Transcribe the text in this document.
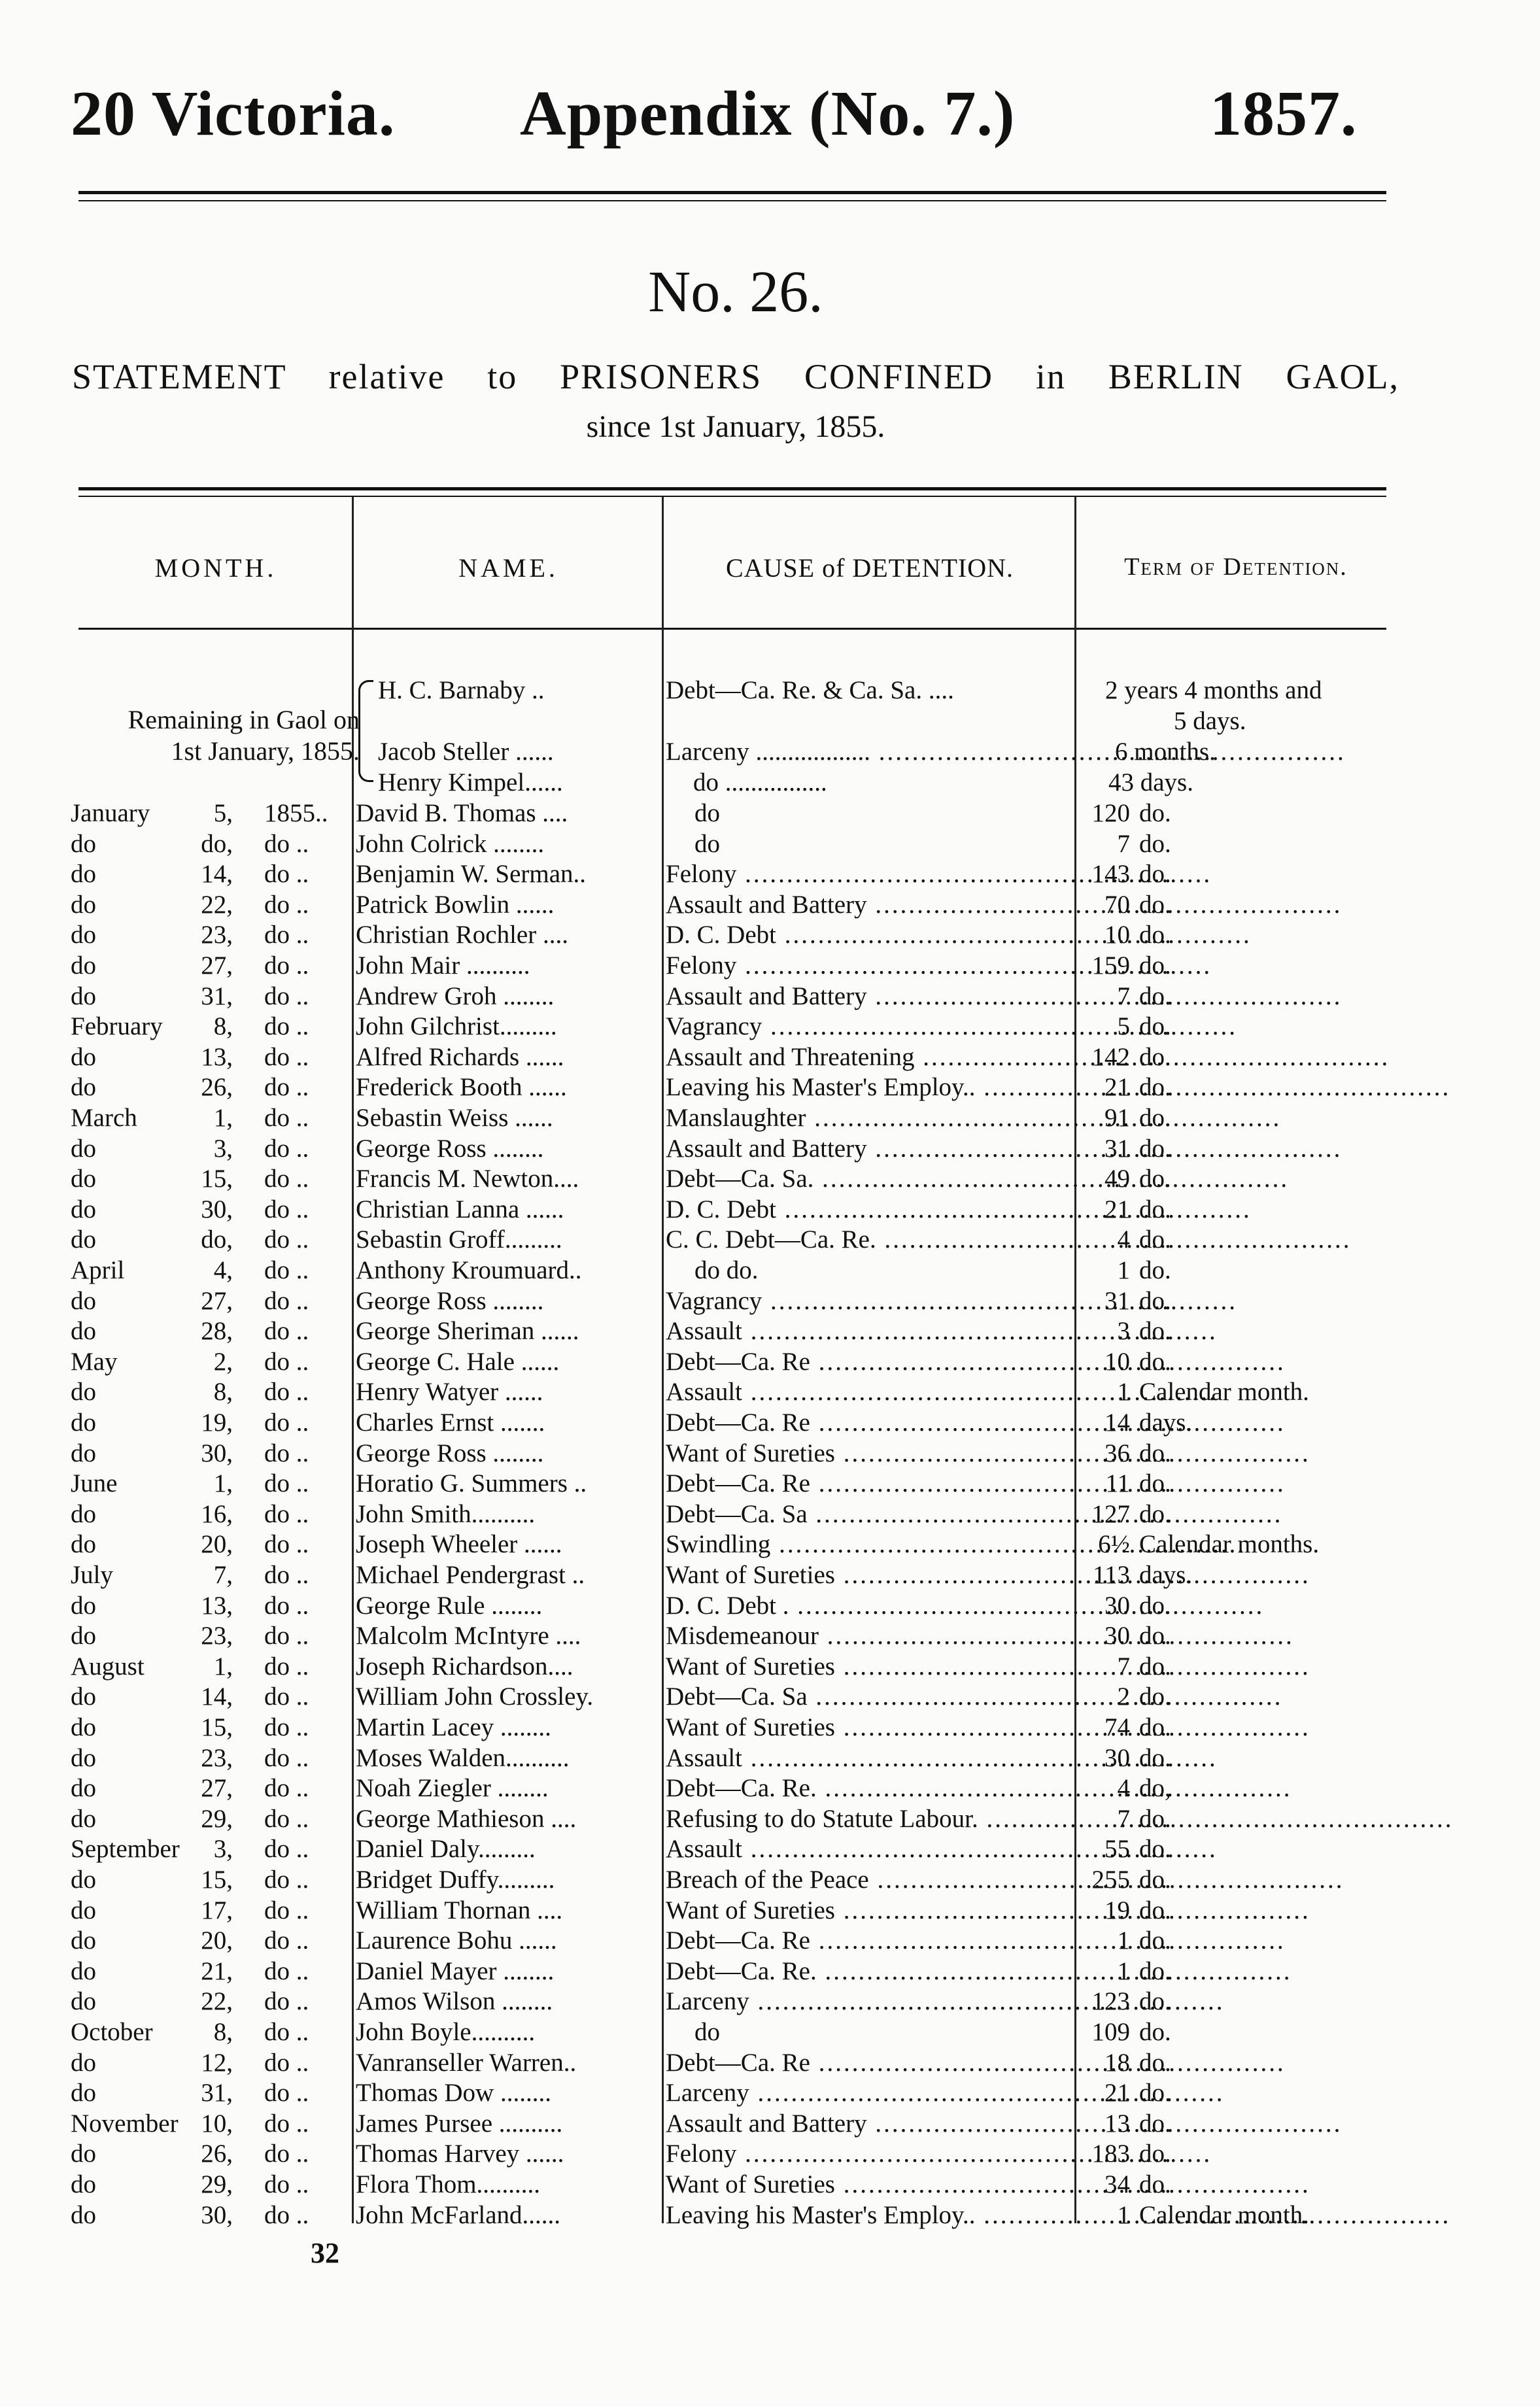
20 Victoria. Appendix (No. 7.)	1857.
No. 26.
STATEMENT relative to PRISONERS CONFINED in BERLIN GAOL,
since 1st January, 1855.
MONTH.	NAME.	CAUSE of DETENTION.	Term of Detention.
Remaining in Gaol on
1st January, 1855.
H. C. Barnaby ..	Debt—Ca. Re. & Ca. Sa. ....	2 years 4 months and
5 days.
Jacob Steller ......	Larceny .................. .....	6 months.
Henry Kimpel......	do ................	43 days.
January	5,	1855..	David B. Thomas ....	do	120 do.
do	do,	do ..	John Colrick ........	do	7 do.
do	14,	do ..	Benjamin W. Serman..	Felony .....	143 do.
do	22,	do ..	Patrick Bowlin ......	Assault and Battery .....	70 do.
do	23,	do ..	Christian Rochler ....	D. C. Debt .....	10 do.
do	27,	do ..	John Mair ..........	Felony .....	159 do.
do	31,	do ..	Andrew Groh ........	Assault and Battery .....	7 do.
February	8,	do ..	John Gilchrist.........	Vagrancy .....	5 do.
do	13,	do ..	Alfred Richards ......	Assault and Threatening .....	142 do.
do	26,	do ..	Frederick Booth ......	Leaving his Master's Employ.. .....	21 do.
March	1,	do ..	Sebastin Weiss ......	Manslaughter .....	91 do.
do	3,	do ..	George Ross ........	Assault and Battery .....	31 do.
do	15,	do ..	Francis M. Newton....	Debt—Ca. Sa. .....	49 do.
do	30,	do ..	Christian Lanna ......	D. C. Debt .....	21 do.
do	do,	do ..	Sebastin Groff.........	C. C. Debt—Ca. Re. .....	4 do.
April	4,	do ..	Anthony Kroumuard..	do do.	1 do.
do	27,	do ..	George Ross ........	Vagrancy .....	31 do.
do	28,	do ..	George Sheriman ......	Assault .....	3 do.
May	2,	do ..	George C. Hale ......	Debt—Ca. Re .....	10 do.
do	8,	do ..	Henry Watyer ......	Assault .....	1 Calendar month.
do	19,	do ..	Charles Ernst .......	Debt—Ca. Re .....	14 days.
do	30,	do ..	George Ross ........	Want of Sureties .....	36 do.
June	1,	do ..	Horatio G. Summers ..	Debt—Ca. Re .....	11 do.
do	16,	do ..	John Smith..........	Debt—Ca. Sa .....	127 do.
do	20,	do ..	Joseph Wheeler ......	Swindling .....	6½ Calendar months.
July	7,	do ..	Michael Pendergrast ..	Want of Sureties .....	113 days.
do	13,	do ..	George Rule ........	D. C. Debt . .....	30 do.
do	23,	do ..	Malcolm McIntyre ....	Misdemeanour .....	30 do.
August	1,	do ..	Joseph Richardson....	Want of Sureties .....	7 do.
do	14,	do ..	William John Crossley.	Debt—Ca. Sa .....	2 do.
do	15,	do ..	Martin Lacey ........	Want of Sureties .....	74 do.
do	23,	do ..	Moses Walden..........	Assault .....	30 do.
do	27,	do ..	Noah Ziegler ........	Debt—Ca. Re. .....	4 do,
do	29,	do ..	George Mathieson ....	Refusing to do Statute Labour. .....	7 do.
September	3,	do ..	Daniel Daly.........	Assault .....	55 do.
do	15,	do ..	Bridget Duffy.........	Breach of the Peace .....	255 do.
do	17,	do ..	William Thornan ....	Want of Sureties .....	19 do.
do	20,	do ..	Laurence Bohu ......	Debt—Ca. Re .....	1 do.
do	21,	do ..	Daniel Mayer ........	Debt—Ca. Re. .....	1 do.
do	22,	do ..	Amos Wilson ........	Larceny .....	123 do.
October	8,	do ..	John Boyle..........	do	109 do.
do	12,	do ..	Vanranseller Warren..	Debt—Ca. Re .....	18 do.
do	31,	do ..	Thomas Dow ........	Larceny .....	21 do.
November 10,	do ..	James Pursee ..........	Assault and Battery .....	13 do.
do	26,	do ..	Thomas Harvey ......	Felony .....	183 do.
do	29,	do ..	Flora Thom..........	Want of Sureties .....	34 do.
do	30,	do ..	John McFarland......	Leaving his Master's Employ.. .....	1 Calendar month.
32
